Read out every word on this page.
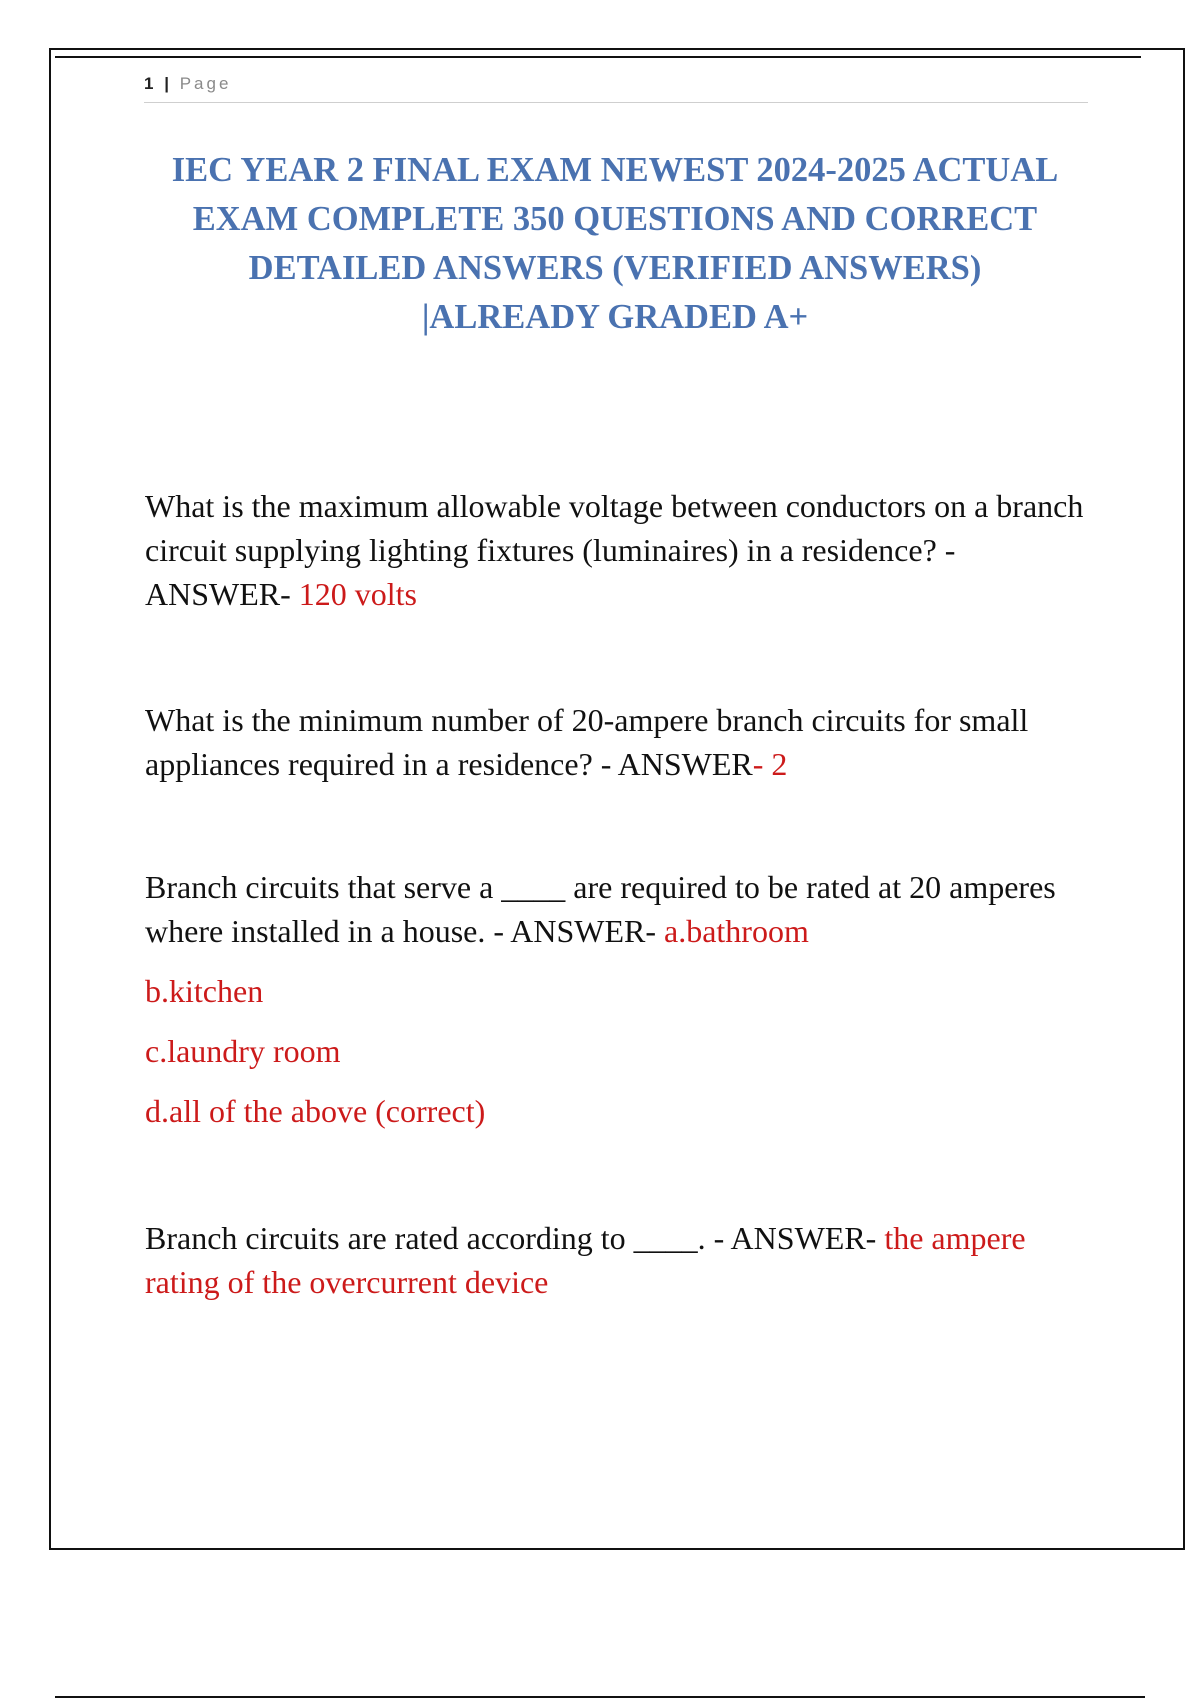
1 | Page
IEC YEAR 2 FINAL EXAM NEWEST 2024-2025 ACTUAL
EXAM COMPLETE 350 QUESTIONS AND CORRECT
DETAILED ANSWERS (VERIFIED ANSWERS)
|ALREADY GRADED A+
What is the maximum allowable voltage between conductors on a branch circuit supplying lighting fixtures (luminaires) in a residence? - ANSWER- 120 volts
What is the minimum number of 20-ampere branch circuits for small appliances required in a residence? - ANSWER- 2
Branch circuits that serve a ____ are required to be rated at 20 amperes where installed in a house. - ANSWER- a.bathroom
b.kitchen
c.laundry room
d.all of the above (correct)
Branch circuits are rated according to ____. - ANSWER- the ampere rating of the overcurrent device
